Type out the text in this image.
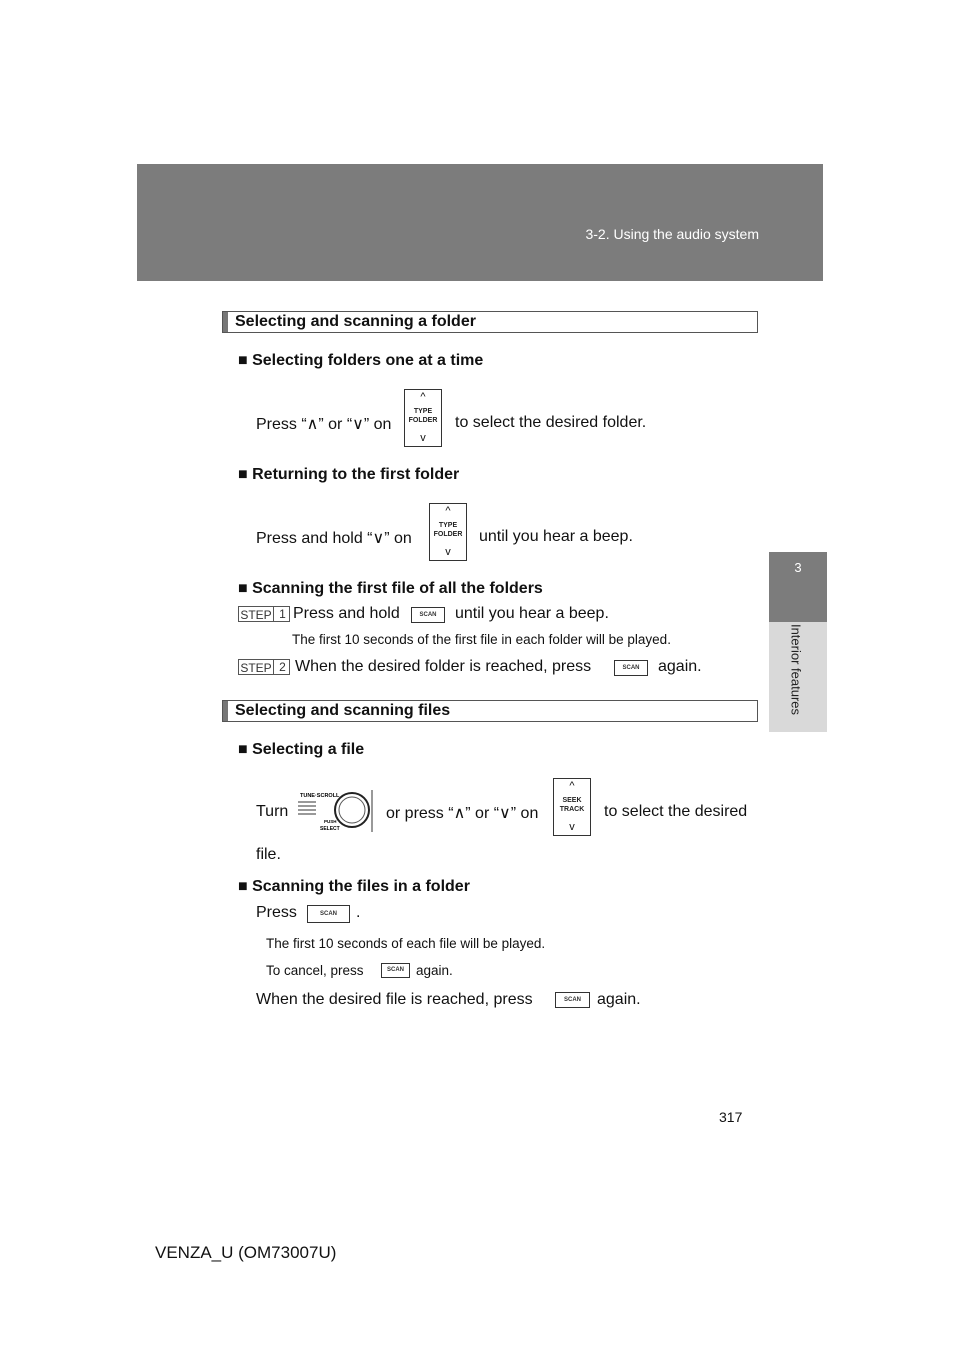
3-2. Using the audio system
3
Interior features
Selecting and scanning a folder
■ Selecting folders one at a time
Press “∧” or “∨” on
^
TYPE
FOLDER
v
to select the desired folder.
■ Returning to the first folder
Press and hold “∨” on
^
TYPE
FOLDER
v
until you hear a beep.
■ Scanning the first file of all the folders
STEP 1 Press and hold	SCAN	until you hear a beep.
The first 10 seconds of the first file in each folder will be played.
STEP 2 When the desired folder is reached, press	SCAN	again.
Selecting and scanning files
■ Selecting a file
Turn
TUNE·SCROLL
PUSH
SELECT
or press “∧” or “∨” on
^
SEEK
TRACK
v
to select the desired
file.
■ Scanning the files in a folder
Press	SCAN	.
The first 10 seconds of each file will be played.
To cancel, press	SCAN again.
When the desired file is reached, press	SCAN	again.
317
VENZA_U (OM73007U)
